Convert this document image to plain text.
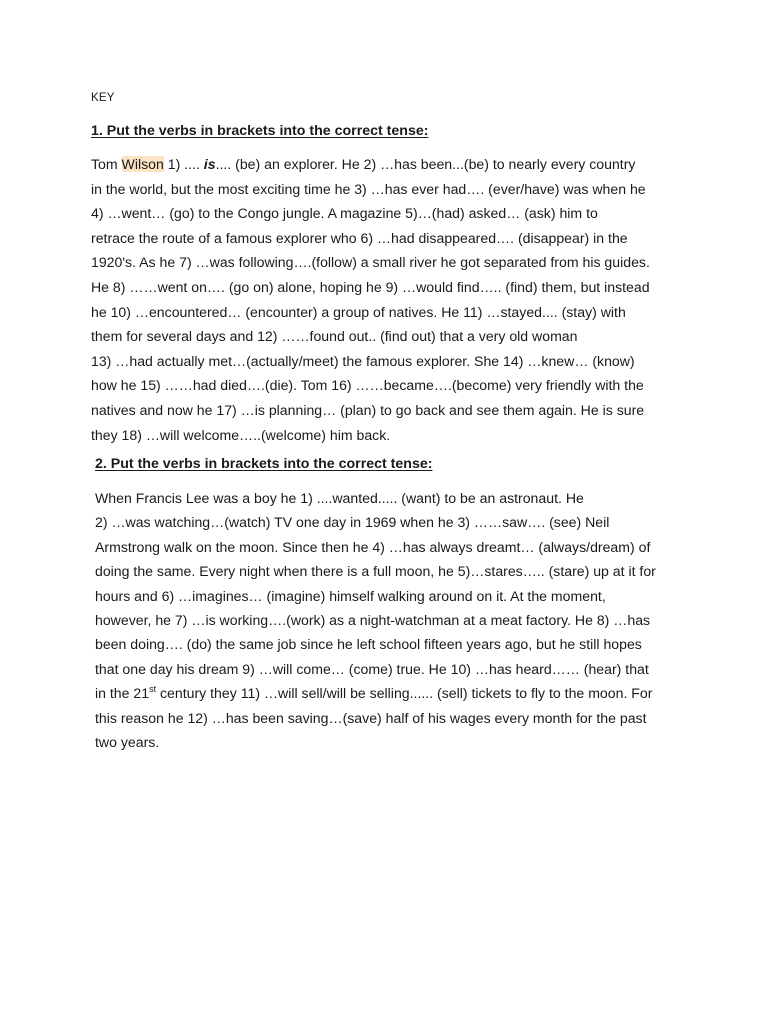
KEY
1. Put the verbs in brackets into the correct tense:
Tom Wilson 1) .... is.... (be) an explorer. He 2) …has been...(be) to nearly every country
in the world, but the most exciting time he 3) …has ever had…. (ever/have) was when he
4) …went… (go) to the Congo jungle. A magazine 5)…(had) asked… (ask) him to
retrace the route of a famous explorer who 6) …had disappeared…. (disappear) in the
1920's. As he 7) …was following….(follow) a small river he got separated from his guides.
He 8) ……went on…. (go on) alone, hoping he 9) …would find….. (find) them, but instead
he 10) …encountered… (encounter) a group of natives. He 11) …stayed.... (stay) with
them for several days and 12) ……found out.. (find out) that a very old woman
13) …had actually met…(actually/meet) the famous explorer. She 14) …knew… (know)
how he 15) ……had died….(die). Tom 16) ……became….(become) very friendly with the
natives and now he 17) …is planning… (plan) to go back and see them again. He is sure
they 18) …will welcome…..(welcome) him back.
2. Put the verbs in brackets into the correct tense:
When Francis Lee was a boy he 1) ....wanted..... (want) to be an astronaut. He
2) …was watching…(watch) TV one day in 1969 when he 3) ……saw…. (see) Neil
Armstrong walk on the moon. Since then he 4) …has always dreamt… (always/dream) of
doing the same. Every night when there is a full moon, he 5)…stares….. (stare) up at it for
hours and 6) …imagines… (imagine) himself walking around on it. At the moment,
however, he 7) …is working….(work) as a night-watchman at a meat factory. He 8) …has
been doing…. (do) the same job since he left school fifteen years ago, but he still hopes
that one day his dream 9) …will come… (come) true. He 10) …has heard…… (hear) that
in the 21st century they 11) …will sell/will be selling...... (sell) tickets to fly to the moon. For
this reason he 12) …has been saving…(save) half of his wages every month for the past
two years.
